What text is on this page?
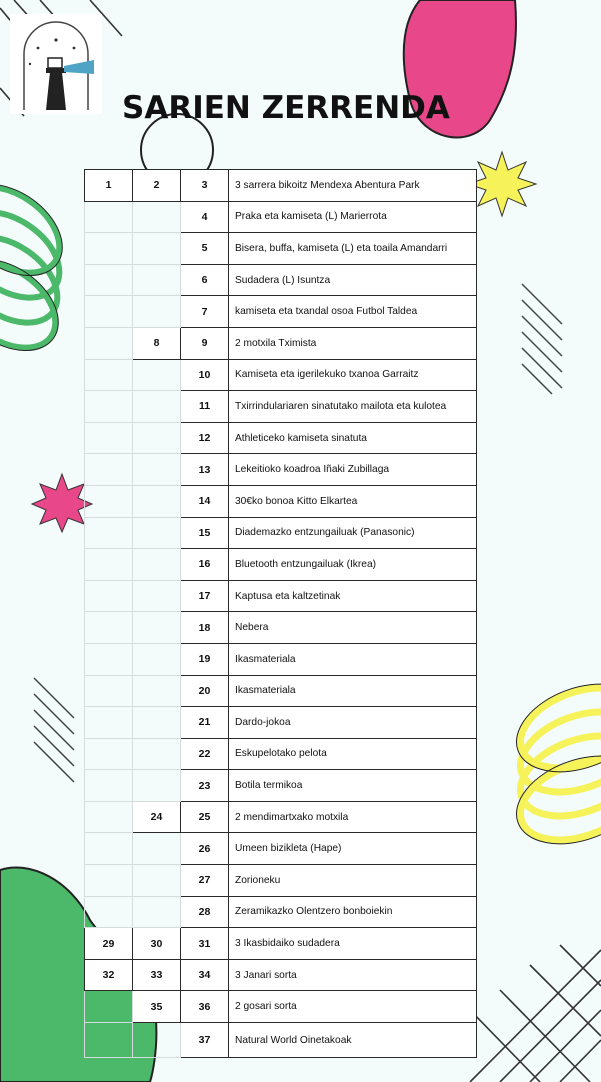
SARIEN ZERRENDA
1	2	3	3 sarrera bikoitz Mendexa Abentura Park
		4	Praka eta kamiseta (L) Marierrota
		5	Bisera, buffa, kamiseta (L) eta toaila Amandarri
		6	Sudadera (L) Isuntza
		7	kamiseta eta txandal osoa Futbol Taldea
	8	9	2 motxila Tximista
		10	Kamiseta eta igerilekuko txanoa Garraitz
		11	Txirrindulariaren sinatutako mailota eta kulotea
		12	Athleticeko kamiseta sinatuta
		13	Lekeitioko koadroa Iñaki Zubillaga
		14	30€ko bonoa Kitto Elkartea
		15	Diademazko entzungailuak (Panasonic)
		16	Bluetooth entzungailuak (Ikrea)
		17	Kaptusa eta kaltzetinak
		18	Nebera
		19	Ikasmateriala
		20	Ikasmateriala
		21	Dardo-jokoa
		22	Eskupelotako pelota
		23	Botila termikoa
	24	25	2 mendimartxako motxila
		26	Umeen bizikleta (Hape)
		27	Zorioneku
		28	Zeramikazko Olentzero bonboiekin
29	30	31	3 Ikasbidaiko sudadera
32	33	34	3 Janari sorta
	35	36	2 gosari sorta
		37	Natural World Oinetakoak
